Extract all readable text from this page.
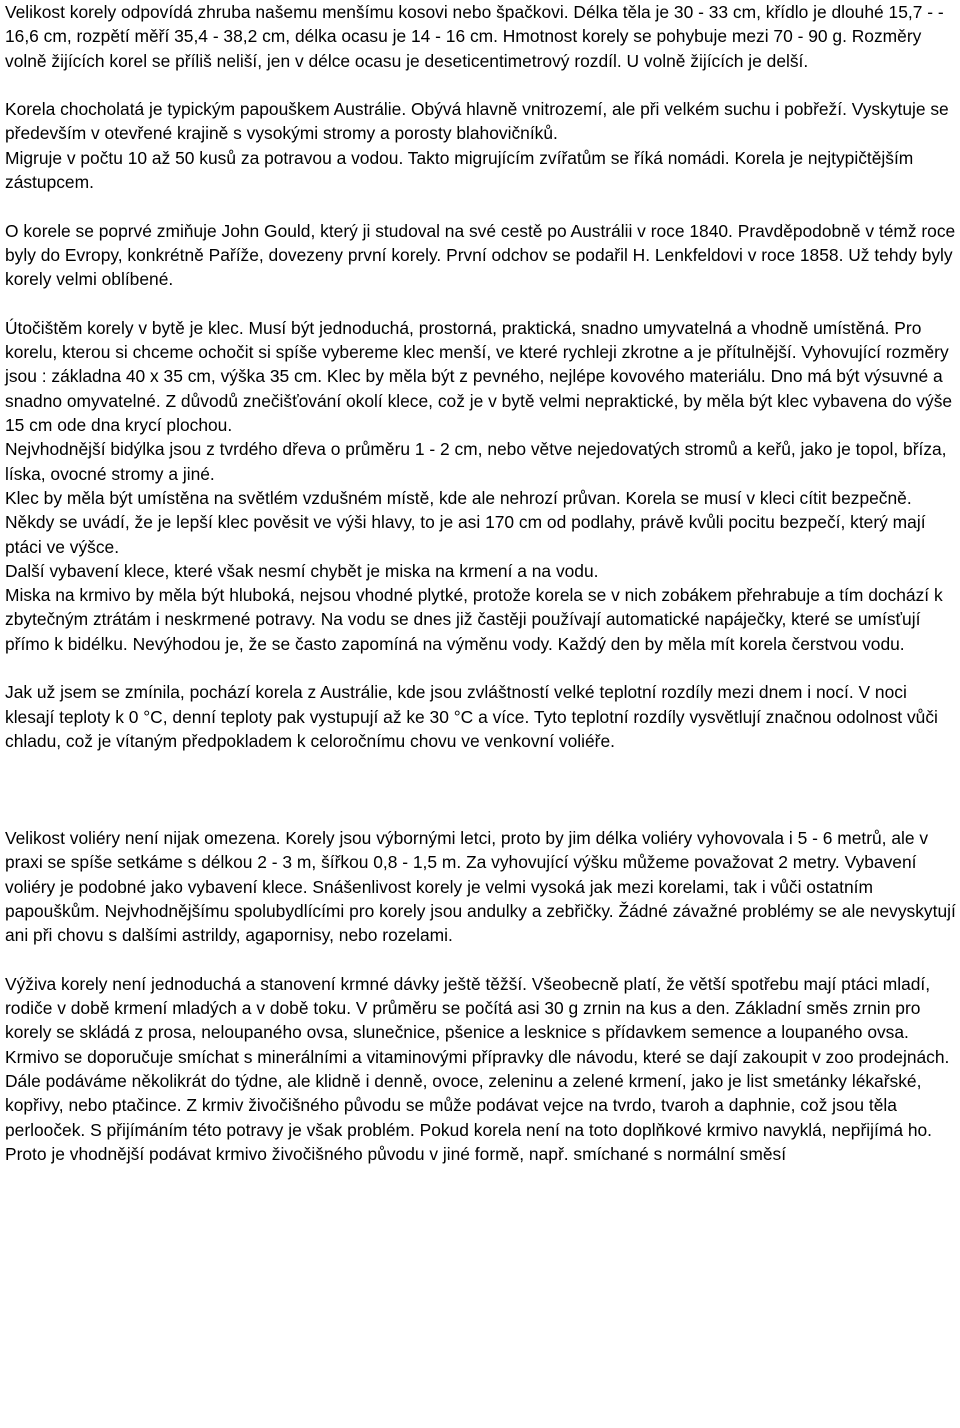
Velikost korely odpovídá zhruba našemu menšímu kosovi nebo špačkovi. Délka těla je 30 - 33 cm, křídlo je dlouhé 15,7 - - 16,6 cm, rozpětí měří 35,4 - 38,2 cm, délka ocasu je 14 - 16 cm. Hmotnost korely se pohybuje mezi 70 - 90 g. Rozměry volně žijících korel se příliš neliší, jen v délce ocasu je deseticentimetrový rozdíl. U volně žijících je delší.

Korela chocholatá je typickým papouškem Austrálie. Obývá hlavně vnitrozemí, ale při velkém suchu i pobřeží. Vyskytuje se především v otevřené krajině s vysokými stromy a porosty blahovičníků.
Migruje v počtu 10 až 50 kusů za potravou a vodou. Takto migrujícím zvířatům se říká nomádi. Korela je nejtypičtějším zástupcem.

O korele se poprvé zmiňuje John Gould, který ji studoval na své cestě po Austrálii v roce 1840. Pravděpodobně v témž roce byly do Evropy, konkrétně Paříže, dovezeny první korely. První odchov se podařil H. Lenkfeldovi v roce 1858. Už tehdy byly korely velmi oblíbené.

Útočištěm korely v bytě je klec. Musí být jednoduchá, prostorná, praktická, snadno umyvatelná a vhodně umístěná. Pro korelu, kterou si chceme ochočit si spíše vybereme klec menší, ve které rychleji zkrotne a je přítulnější. Vyhovující rozměry jsou : základna 40 x 35 cm, výška 35 cm. Klec by měla být z pevného, nejlépe kovového materiálu. Dno má být výsuvné a snadno omyvatelné. Z důvodů znečišťování okolí klece, což je v bytě velmi nepraktické, by měla být klec vybavena do výše 15 cm ode dna krycí plochou.
Nejvhodnější bidýlka jsou z tvrdého dřeva o průměru 1 - 2 cm, nebo větve nejedovatých stromů a keřů, jako je topol, bříza, líska, ovocné stromy a jiné.
Klec by měla být umístěna na světlém vzdušném místě, kde ale nehrozí průvan. Korela se musí v kleci cítit bezpečně. Někdy se uvádí, že je lepší klec pověsit ve výši hlavy, to je asi 170 cm od podlahy, právě kvůli pocitu bezpečí, který mají ptáci ve výšce.
Další vybavení klece, které však nesmí chybět je miska na krmení a na vodu.
Miska na krmivo by měla být hluboká, nejsou vhodné plytké, protože korela se v nich zobákem přehrabuje a tím dochází k zbytečným ztrátám i neskrmené potravy. Na vodu se dnes již častěji používají automatické napáječky, které se umísťují přímo k bidélku. Nevýhodou je, že se často zapomíná na výměnu vody. Každý den by měla mít korela čerstvou vodu.

Jak už jsem se zmínila, pochází korela z Austrálie, kde jsou zvláštností velké teplotní rozdíly mezi dnem i nocí. V noci klesají teploty k 0 °C, denní teploty pak vystupují až ke 30 °C a více. Tyto teplotní rozdíly vysvětlují značnou odolnost vůči chladu, což je vítaným předpokladem k celoročnímu chovu ve venkovní voliéře.

Velikost voliéry není nijak omezena. Korely jsou výbornými letci, proto by jim délka voliéry vyhovovala i 5 - 6 metrů, ale v praxi se spíše setkáme s délkou 2 - 3 m, šířkou 0,8 - 1,5 m. Za vyhovující výšku můžeme považovat 2 metry. Vybavení voliéry je podobné jako vybavení klece. Snášenlivost korely je velmi vysoká jak mezi korelami, tak i vůči ostatním papouškům. Nejvhodnějšímu spolubydlícími pro korely jsou andulky a zebřičky. Žádné závažné problémy se ale nevyskytují ani při chovu s dalšími astrildy, agapornisy, nebo rozelami.

Výživa korely není jednoduchá a stanovení krmné dávky ještě těžší. Všeobecně platí, že větší spotřebu mají ptáci mladí, rodiče v době krmení mladých a v době toku. V průměru se počítá asi 30 g zrnin na kus a den. Základní směs zrnin pro korely se skládá z prosa, neloupaného ovsa, slunečnice, pšenice a lesknice s přídavkem semence a loupaného ovsa. Krmivo se doporučuje smíchat s minerálními a vitaminovými přípravky dle návodu, které se dají zakoupit v zoo prodejnách. Dále podáváme několikrát do týdne, ale klidně i denně, ovoce, zeleninu a zelené krmení, jako je list smetánky lékařské, kopřivy, nebo ptačince. Z krmiv živočišného původu se může podávat vejce na tvrdo, tvaroh a daphnie, což jsou těla perlooček. S přijímáním této potravy je však problém. Pokud korela není na toto doplňkové krmivo navyklá, nepřijímá ho. Proto je vhodnější podávat krmivo živočišného původu v jiné formě, např. smíchané s normální směsí
